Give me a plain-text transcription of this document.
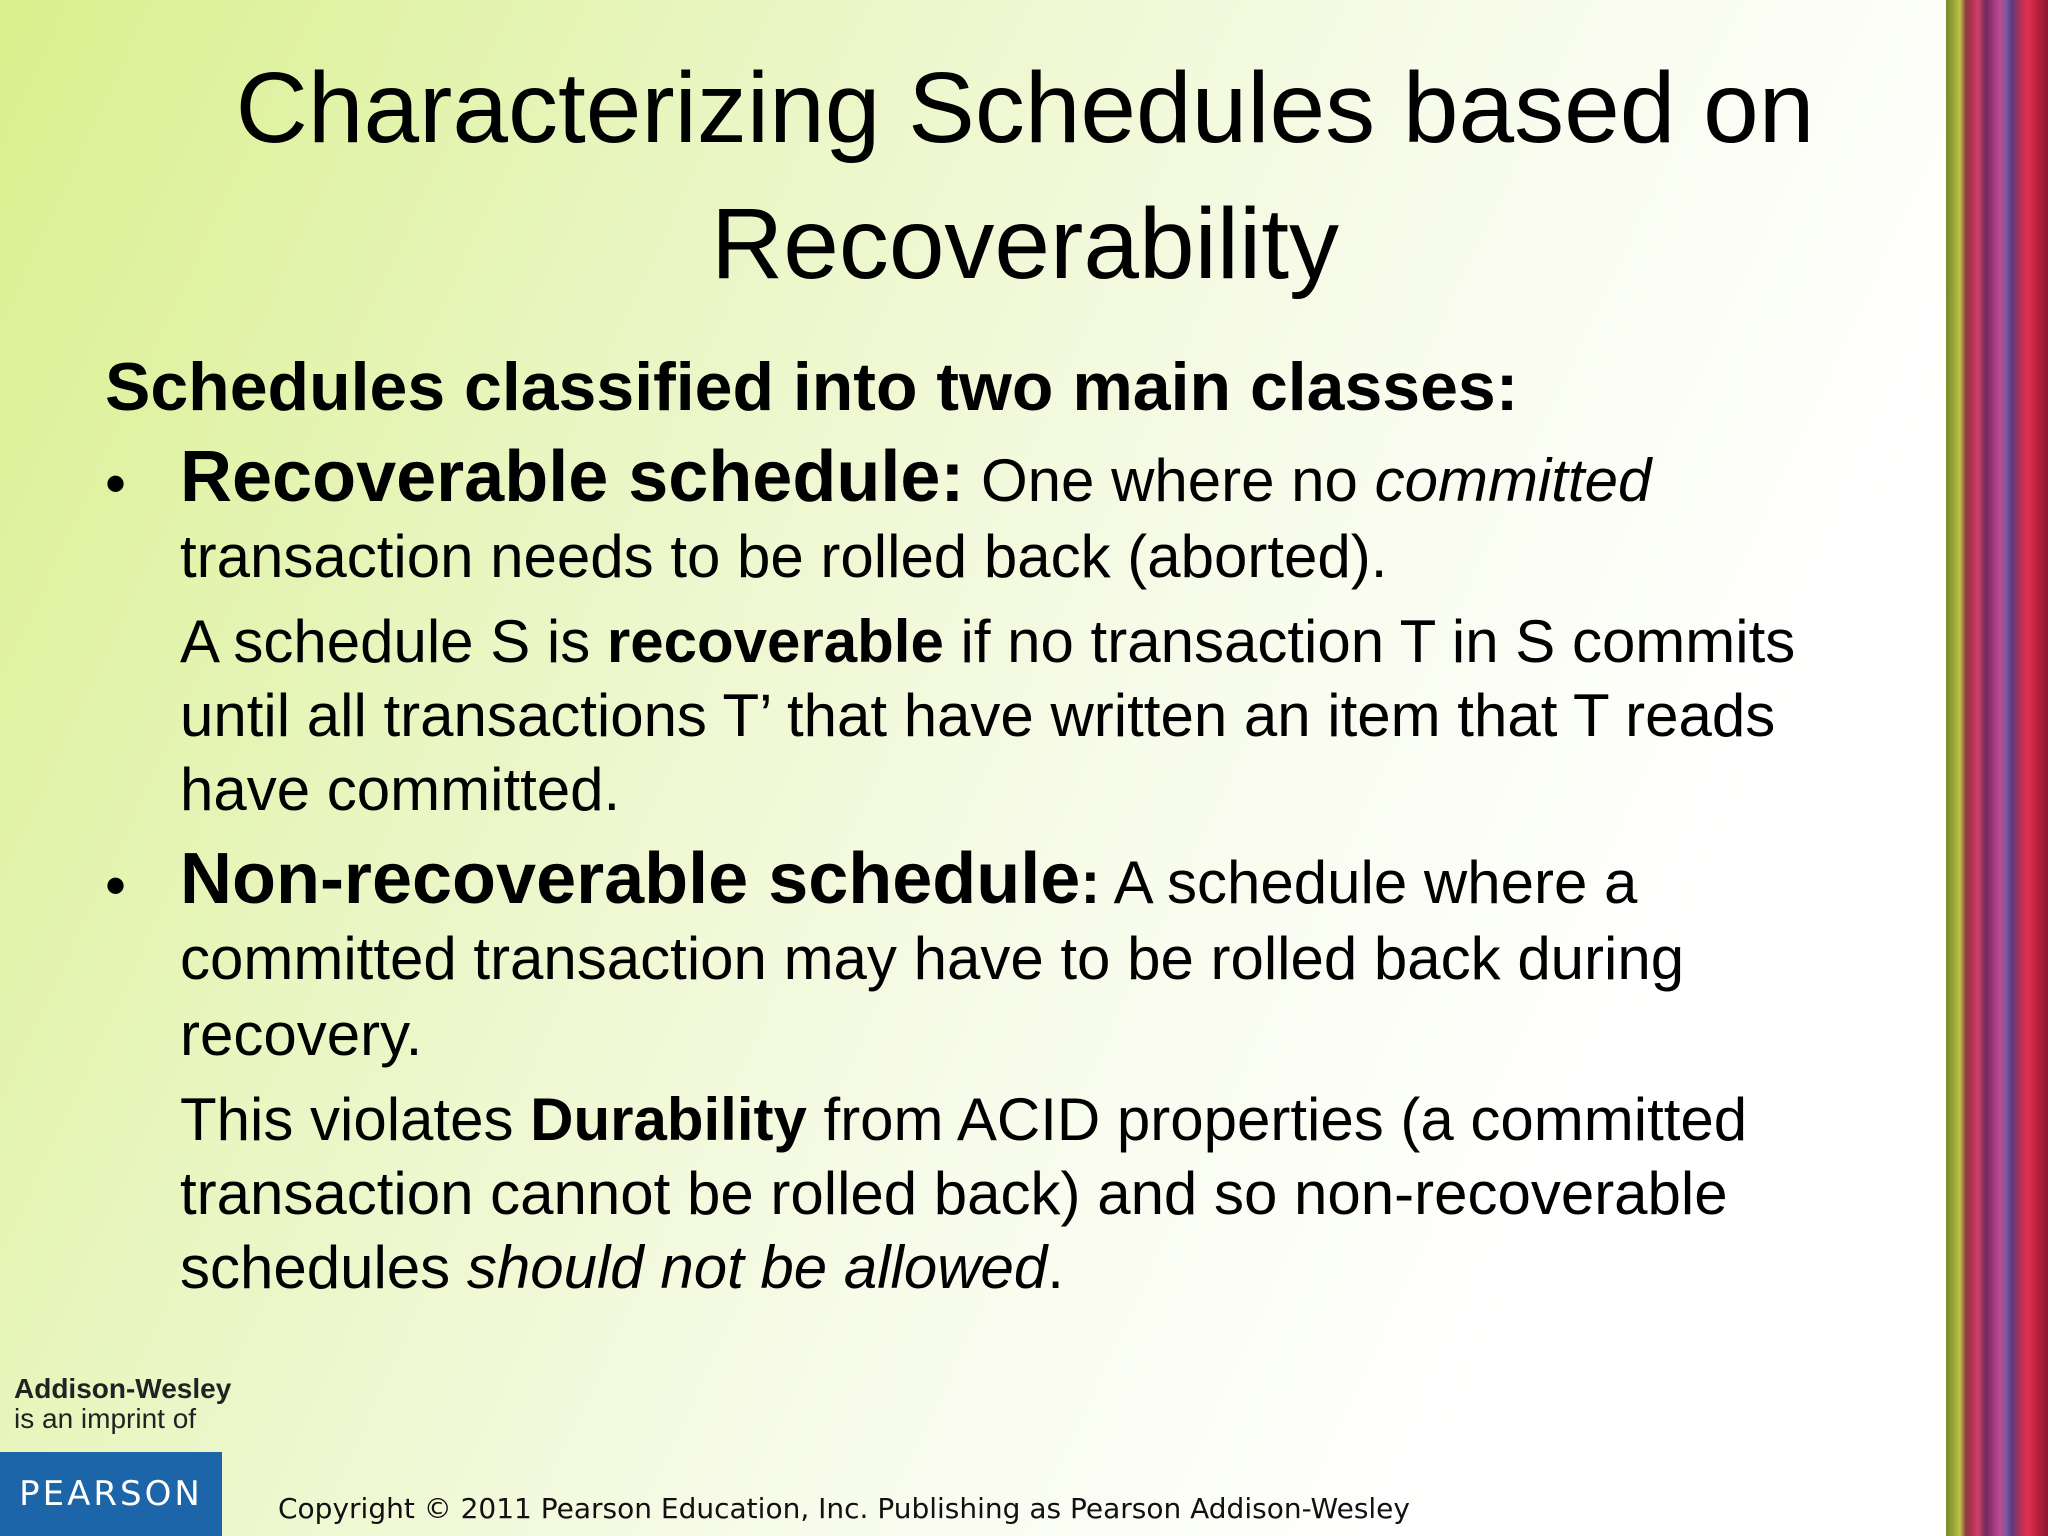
Characterizing Schedules based on Recoverability

Schedules classified into two main classes:

• Recoverable schedule: One where no committed transaction needs to be rolled back (aborted).

A schedule S is recoverable if no transaction T in S commits until all transactions T’ that have written an item that T reads have committed.

• Non-recoverable schedule: A schedule where a committed transaction may have to be rolled back during recovery.

This violates Durability from ACID properties (a committed transaction cannot be rolled back) and so non-recoverable schedules should not be allowed.

Addison-Wesley
is an imprint of
PEARSON	Copyright © 2011 Pearson Education, Inc. Publishing as Pearson Addison-Wesley
